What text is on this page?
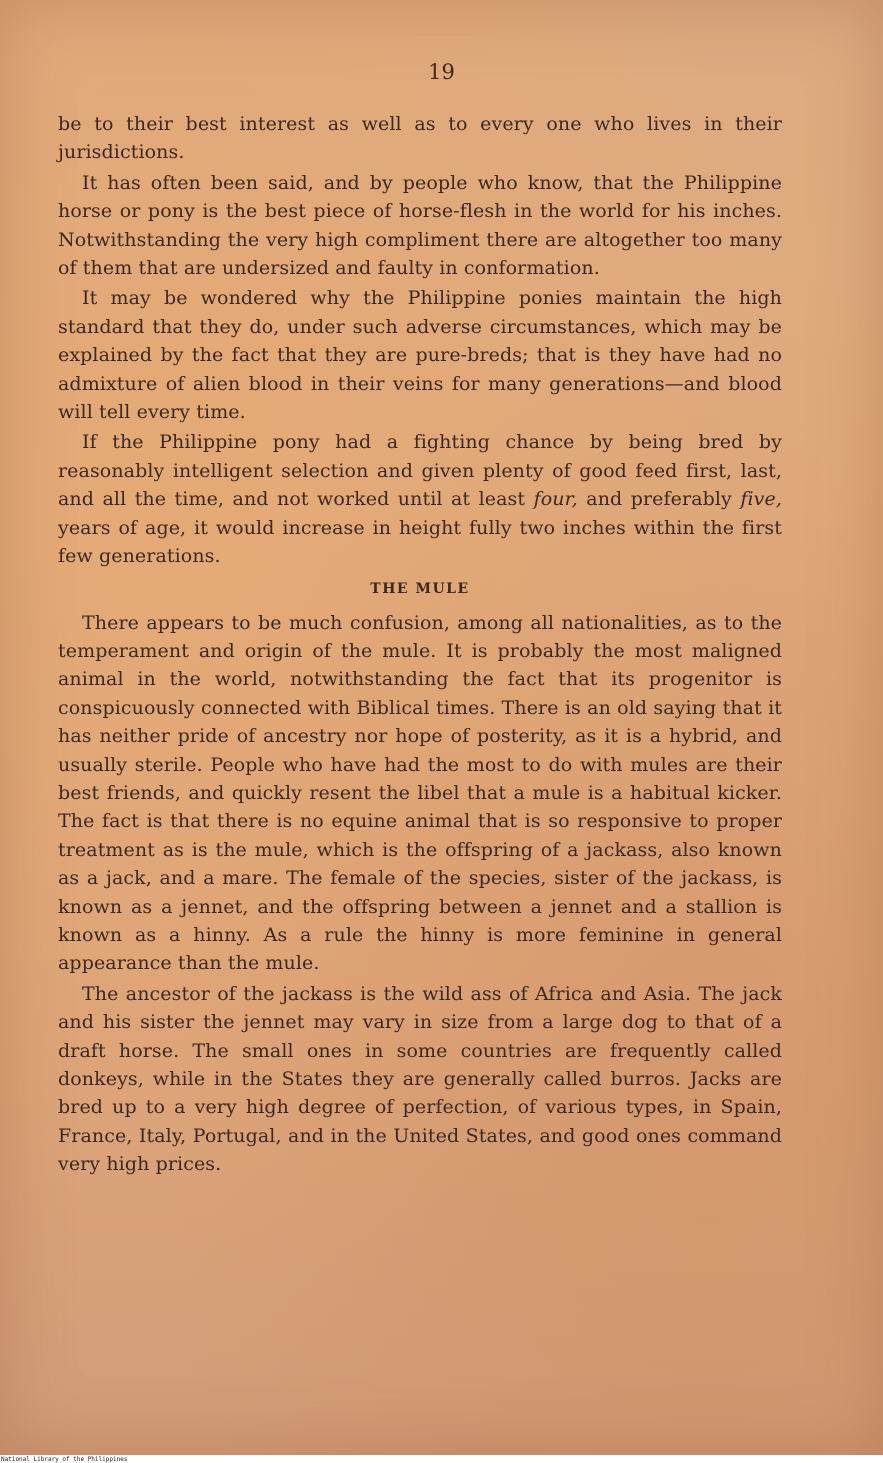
19

be to their best interest as well as to every one who lives in their jurisdictions.

It has often been said, and by people who know, that the Philippine horse or pony is the best piece of horse-flesh in the world for his inches. Notwithstanding the very high compliment there are altogether too many of them that are undersized and faulty in conformation.

It may be wondered why the Philippine ponies maintain the high standard that they do, under such adverse circumstances, which may be explained by the fact that they are pure-breds; that is they have had no admixture of alien blood in their veins for many generations—and blood will tell every time.

If the Philippine pony had a fighting chance by being bred by reasonably intelligent selection and given plenty of good feed first, last, and all the time, and not worked until at least four, and preferably five, years of age, it would increase in height fully two inches within the first few generations.

THE MULE

There appears to be much confusion, among all nationalities, as to the temperament and origin of the mule. It is probably the most maligned animal in the world, notwithstanding the fact that its progenitor is conspicuously connected with Biblical times. There is an old saying that it has neither pride of ancestry nor hope of posterity, as it is a hybrid, and usually sterile. People who have had the most to do with mules are their best friends, and quickly resent the libel that a mule is a habitual kicker. The fact is that there is no equine animal that is so responsive to proper treatment as is the mule, which is the offspring of a jackass, also known as a jack, and a mare. The female of the species, sister of the jackass, is known as a jennet, and the offspring between a jennet and a stallion is known as a hinny. As a rule the hinny is more feminine in general appearance than the mule.

The ancestor of the jackass is the wild ass of Africa and Asia. The jack and his sister the jennet may vary in size from a large dog to that of a draft horse. The small ones in some countries are frequently called donkeys, while in the States they are generally called burros. Jacks are bred up to a very high degree of perfection, of various types, in Spain, France, Italy, Portugal, and in the United States, and good ones command very high prices.

National Library of the Philippines
